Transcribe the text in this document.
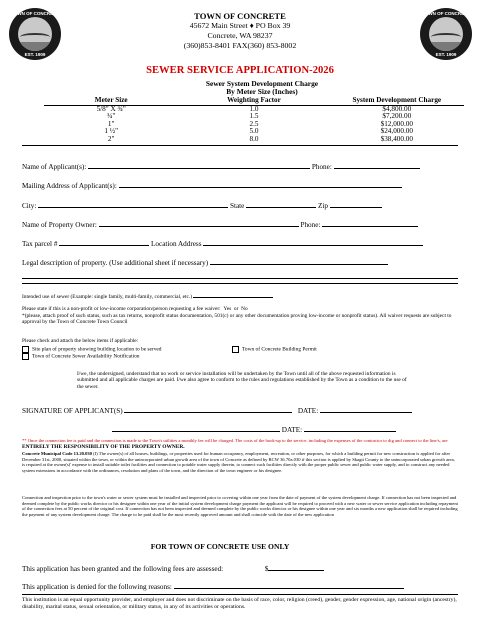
TOWN OF CONCRETE
EST. 1909
TOWN OF CONCRETE
EST. 1909
TOWN OF CONCRETE
45672 Main Street ♦ PO Box 39
Concrete, WA 98237
(360)853-8401 FAX(360) 853-8002
SEWER SERVICE APPLICATION-2026
Sewer System Development Charge
By Meter Size (Inches)
Meter Size	Weighting Factor	System Development Charge
5/8" X ¾"	1.0	$4,800.00
¾"	1.5	$7,200.00
1"	2.5	$12,000.00
1 ½"	5.0	$24,000.00
2"	8.0	$38,400.00
Name of Applicant(s):	Phone:
Mailing Address of Applicant(s):
City:	State	Zip
Name of Property Owner:	Phone:
Tax parcel #	Location Address
Legal description of property. (Use additional sheet if necessary)
Intended use of sewer (Example: single family, multi-family, commercial, etc.)
Please state if this is a non-profit or low-income corporation/person requesting a fee waiver: Yes or No
*(please, attach proof of such status, such as tax returns, nonprofit status documentation, 501(c) or any other documentation proving low-income or nonprofit status). All waiver requests are subject to approval by the Town of Concrete Town Council
Please check and attach the below items if applicable:
Site plan of property showing building location to be served	Town of Concrete Building Permit
Town of Concrete Sewer Availability Notification
I/we, the undersigned, understand that no work or service installation will be undertaken by the Town until all of the above requested information is submitted and all applicable charges are paid. I/we also agree to conform to the rules and regulations established by the Town as a condition to the use of the sewer.
SIGNATURE OF APPLICANT(S)	DATE:
DATE:
** Once the connection fee is paid and the connection is made to the Town's utilities a monthly fee will be charged. The costs of the hook-up to the service, including the expenses of the contractor to dig and connect to the line/s, are ENTIRELY THE RESPONSIBILITY OF THE PROPERTY OWNER.
Concrete Municipal Code 13.20.030 (I) The owner(s) of all houses, buildings, or properties used for human occupancy, employment, recreation, or other purposes, for which a building permit for new construction is applied for after December 31st, 2000, situated within the town, or within the unincorporated urban growth area of the town of Concrete as defined by RCW 36.70a.030 if this section is applied by Skagit County to the unincorporated urban growth area, is required at the owner(s)' expense to install suitable toilet facilities and connection to potable water supply therein, to connect such facilities directly with the proper public sewer and public water supply, and to construct any needed system extensions in accordance with the ordinances, resolution and plans of the town, and the direction of the town engineer or his designee.
Connection and inspection prior to the town's water or sewer system must be installed and inspected prior to covering within one year from the date of payment of the system development charge. If connection has not been inspected and deemed complete by the public works director or his designee within one year of the initial system development charge payment the applicant will be required to proceed with a new water or sewer service application including repayment of the connection fees at 50 percent of the original cost. If connection has not been inspected and deemed complete by the public works director or his designee within one year and six months a new application shall be required including the payment of any system development charge. The charge to be paid shall be the most recently approved amount and shall coincide with the date of the new application
FOR TOWN OF CONCRETE USE ONLY
This application has been granted and the following fees are assessed:	$
This application is denied for the following reasons:
This institution is an equal opportunity provider, and employer and does not discriminate on the basis of race, color, religion (creed), gender, gender expression, age, national origin (ancestry), disability, marital status, sexual orientation, or military status, in any of its activities or operations.
